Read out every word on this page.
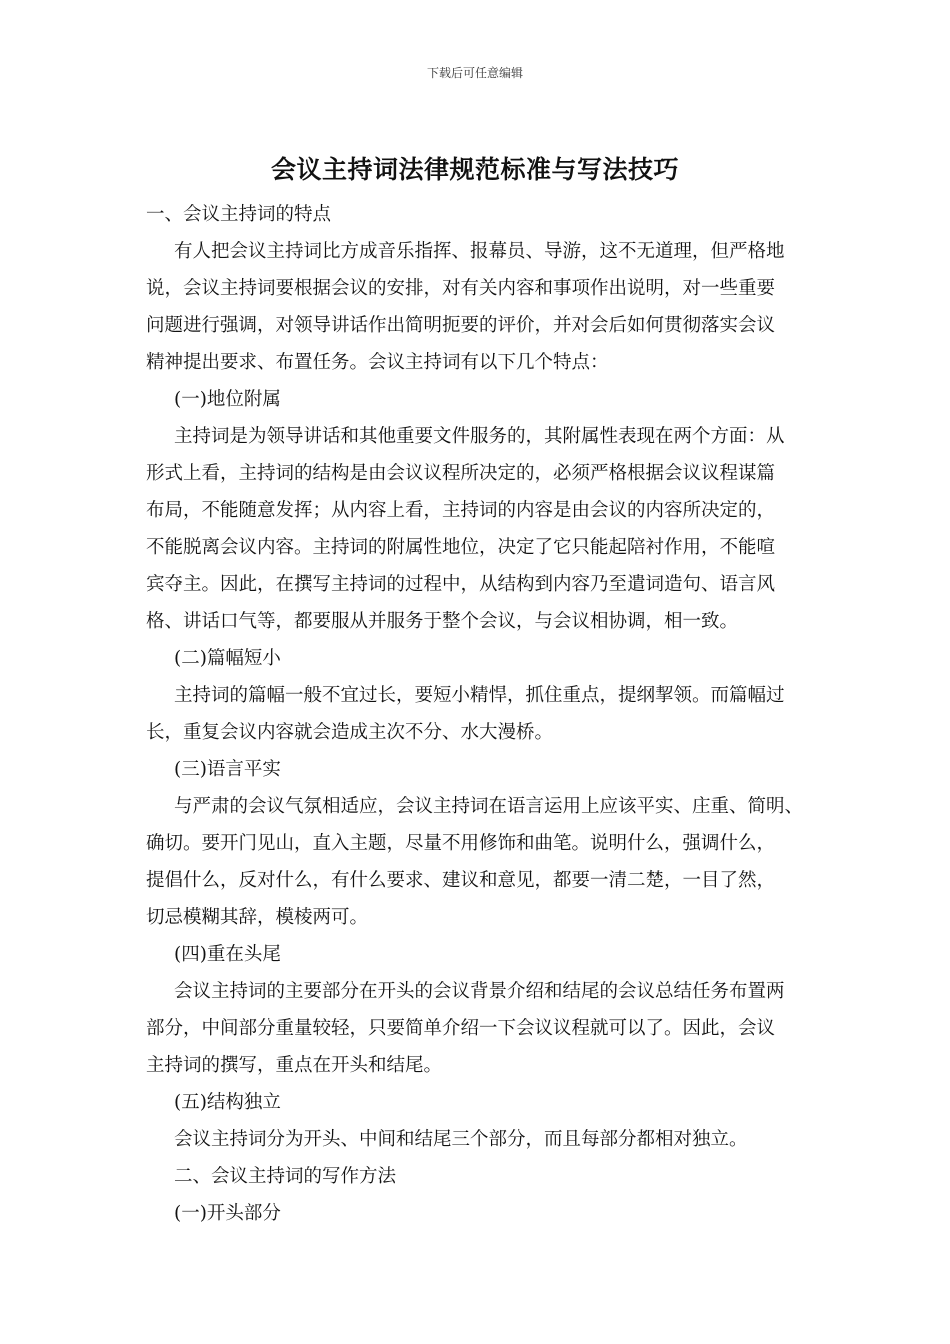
下载后可任意编辑
会议主持词法律规范标准与写法技巧
一、会议主持词的特点
有人把会议主持词比方成音乐指挥、报幕员、导游，这不无道理，但严格地
说，会议主持词要根据会议的安排，对有关内容和事项作出说明，对一些重要
问题进行强调，对领导讲话作出简明扼要的评价，并对会后如何贯彻落实会议
精神提出要求、布置任务。会议主持词有以下几个特点：
(一)地位附属
主持词是为领导讲话和其他重要文件服务的，其附属性表现在两个方面：从
形式上看，主持词的结构是由会议议程所决定的，必须严格根据会议议程谋篇
布局，不能随意发挥；从内容上看，主持词的内容是由会议的内容所决定的，
不能脱离会议内容。主持词的附属性地位，决定了它只能起陪衬作用，不能喧
宾夺主。因此，在撰写主持词的过程中，从结构到内容乃至遣词造句、语言风
格、讲话口气等，都要服从并服务于整个会议，与会议相协调，相一致。
(二)篇幅短小
主持词的篇幅一般不宜过长，要短小精悍，抓住重点，提纲挈领。而篇幅过
长，重复会议内容就会造成主次不分、水大漫桥。
(三)语言平实
与严肃的会议气氛相适应，会议主持词在语言运用上应该平实、庄重、简明、
确切。要开门见山，直入主题，尽量不用修饰和曲笔。说明什么，强调什么，
提倡什么，反对什么，有什么要求、建议和意见，都要一清二楚，一目了然，
切忌模糊其辞，模棱两可。
(四)重在头尾
会议主持词的主要部分在开头的会议背景介绍和结尾的会议总结任务布置两
部分，中间部分重量较轻，只要简单介绍一下会议议程就可以了。因此，会议
主持词的撰写，重点在开头和结尾。
(五)结构独立
会议主持词分为开头、中间和结尾三个部分，而且每部分都相对独立。
二、会议主持词的写作方法
(一)开头部分
